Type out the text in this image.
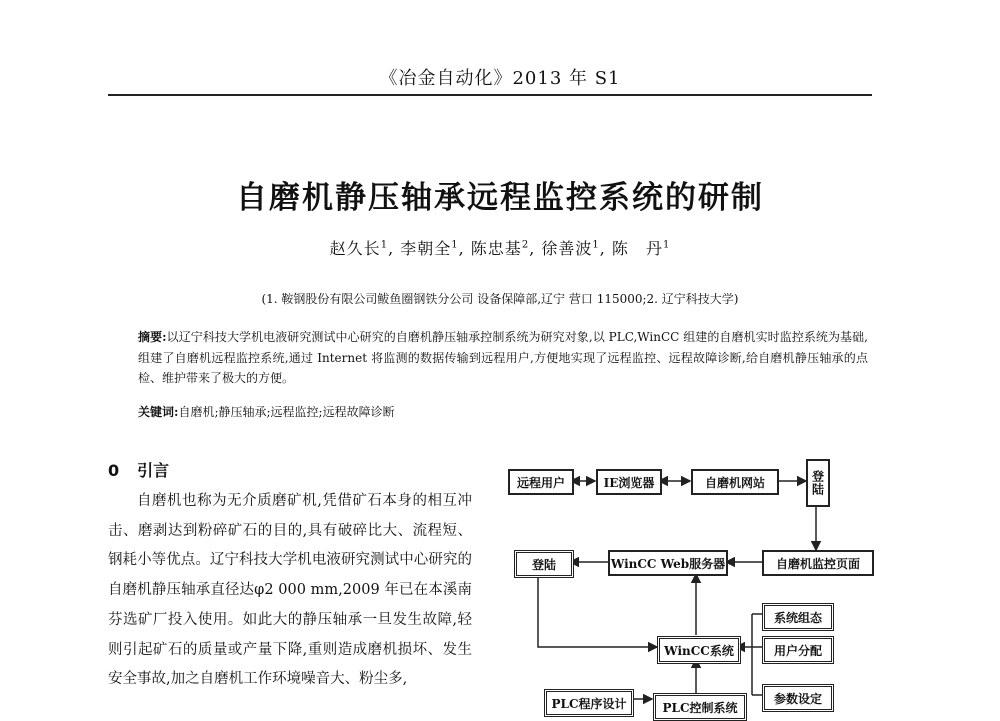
《冶金自动化》2013 年 S1
自磨机静压轴承远程监控系统的研制
赵久长$^1$, 李朝全$^1$, 陈忠基$^2$, 徐善波$^1$, 陈　丹$^1$
(1. 鞍钢股份有限公司鲅鱼圈钢铁分公司 设备保障部,辽宁 营口 115000;2. 辽宁科技大学)
摘要:以辽宁科技大学机电液研究测试中心研究的自磨机静压轴承控制系统为研究对象,以 PLC,WinCC 组建的自磨机实时监控系统为基础,组建了自磨机远程监控系统,通过 Internet 将监测的数据传输到远程用户,方便地实现了远程监控、远程故障诊断,给自磨机静压轴承的点检、维护带来了极大的方便。
关键词:自磨机;静压轴承;远程监控;远程故障诊断
0 引言
自磨机也称为无介质磨矿机,凭借矿石本身的相互冲击、磨剥达到粉碎矿石的目的,具有破碎比大、流程短、钢耗小等优点。辽宁科技大学机电液研究测试中心研究的自磨机静压轴承直径达φ2 000 mm,2009 年已在本溪南芬选矿厂投入使用。如此大的静压轴承一旦发生故障,轻则引起矿石的质量或产量下降,重则造成磨机损坏、发生安全事故,加之自磨机工作环境噪音大、粉尘多,
远程用户	IE浏览器	自磨机网站	登陆
登陆	WinCC Web服务器	自磨机监控页面
系统组态
WinCC系统	用户分配
参数设定
PLC程序设计	PLC控制系统
